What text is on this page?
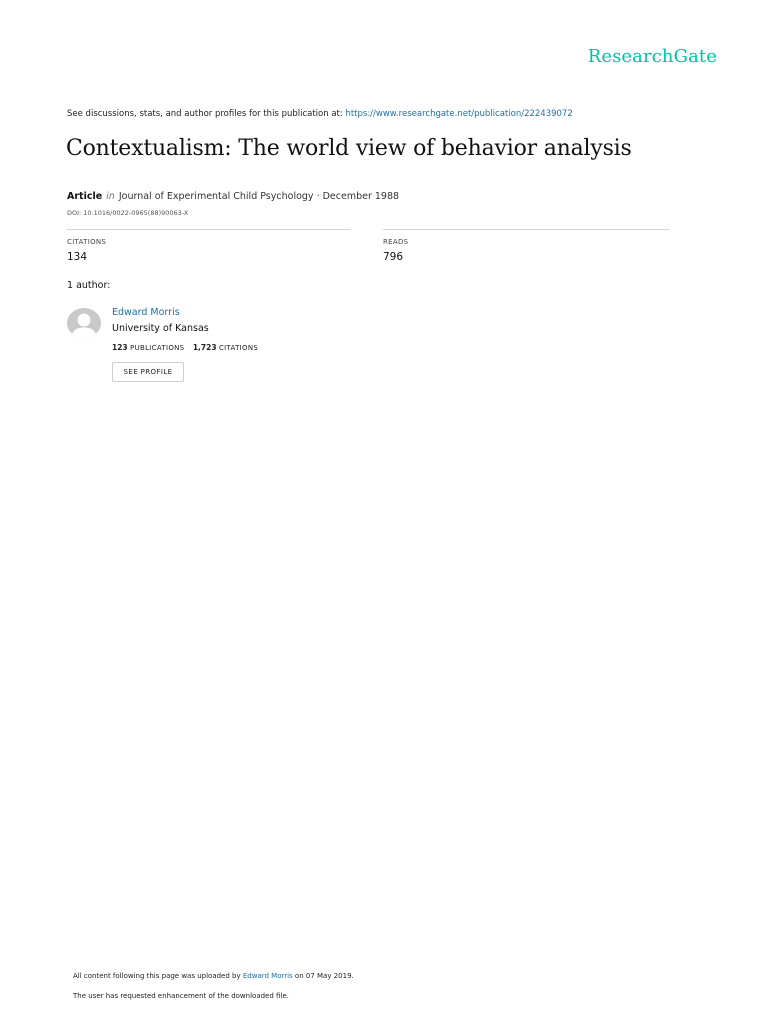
ResearchGate
See discussions, stats, and author profiles for this publication at: https://www.researchgate.net/publication/222439072
Contextualism: The world view of behavior analysis
Article in Journal of Experimental Child Psychology · December 1988
DOI: 10.1016/0022-0965(88)90063-X
CITATIONS
134
READS
796
1 author:
Edward Morris
University of Kansas
123 PUBLICATIONS 1,723 CITATIONS
SEE PROFILE
All content following this page was uploaded by Edward Morris on 07 May 2019.
The user has requested enhancement of the downloaded file.
